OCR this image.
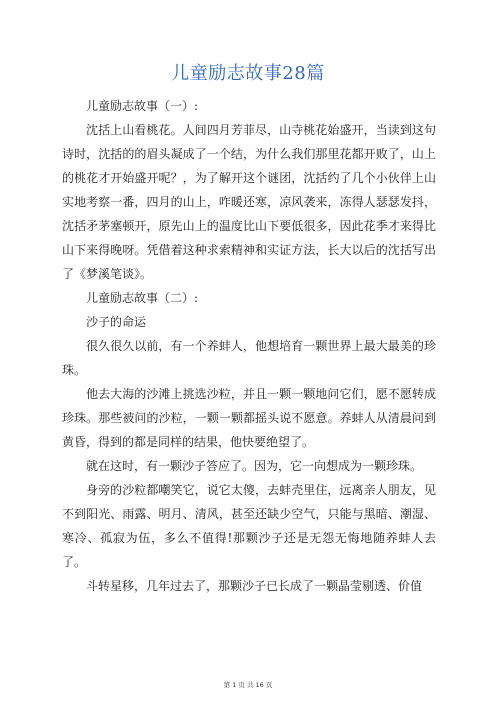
儿童励志故事28篇

儿童励志故事（一）:

沈括上山看桃花。人间四月芳菲尽，山寺桃花始盛开，当读到这句诗时，沈括的的眉头凝成了一个结，为什么我们那里花都开败了，山上的桃花才开始盛开呢？，为了解开这个谜团，沈括约了几个小伙伴上山实地考察一番，四月的山上，咋暖还寒，凉风袭来，冻得人瑟瑟发抖，沈括矛茅塞顿开，原先山上的温度比山下要低很多，因此花季才来得比山下来得晚呀。凭借着这种求索精神和实证方法，长大以后的沈括写出了《梦溪笔谈》。

儿童励志故事（二）:

沙子的命运

很久很久以前，有一个养蚌人，他想培育一颗世界上最大最美的珍珠。

他去大海的沙滩上挑选沙粒，并且一颗一颗地问它们，愿不愿转成珍珠。那些被问的沙粒，一颗一颗都摇头说不愿意。养蚌人从清晨问到黄昏，得到的都是同样的结果，他快要绝望了。

就在这时，有一颗沙子答应了。因为，它一向想成为一颗珍珠。

身旁的沙粒都嘲笑它，说它太傻，去蚌壳里住，远离亲人朋友，见不到阳光、雨露、明月、清风，甚至还缺少空气，只能与黑暗、潮湿、寒冷、孤寂为伍，多么不值得!那颗沙子还是无怨无悔地随养蚌人去了。

斗转星移，几年过去了，那颗沙子已长成了一颗晶莹剔透、价值

第 1 页 共 16 页
